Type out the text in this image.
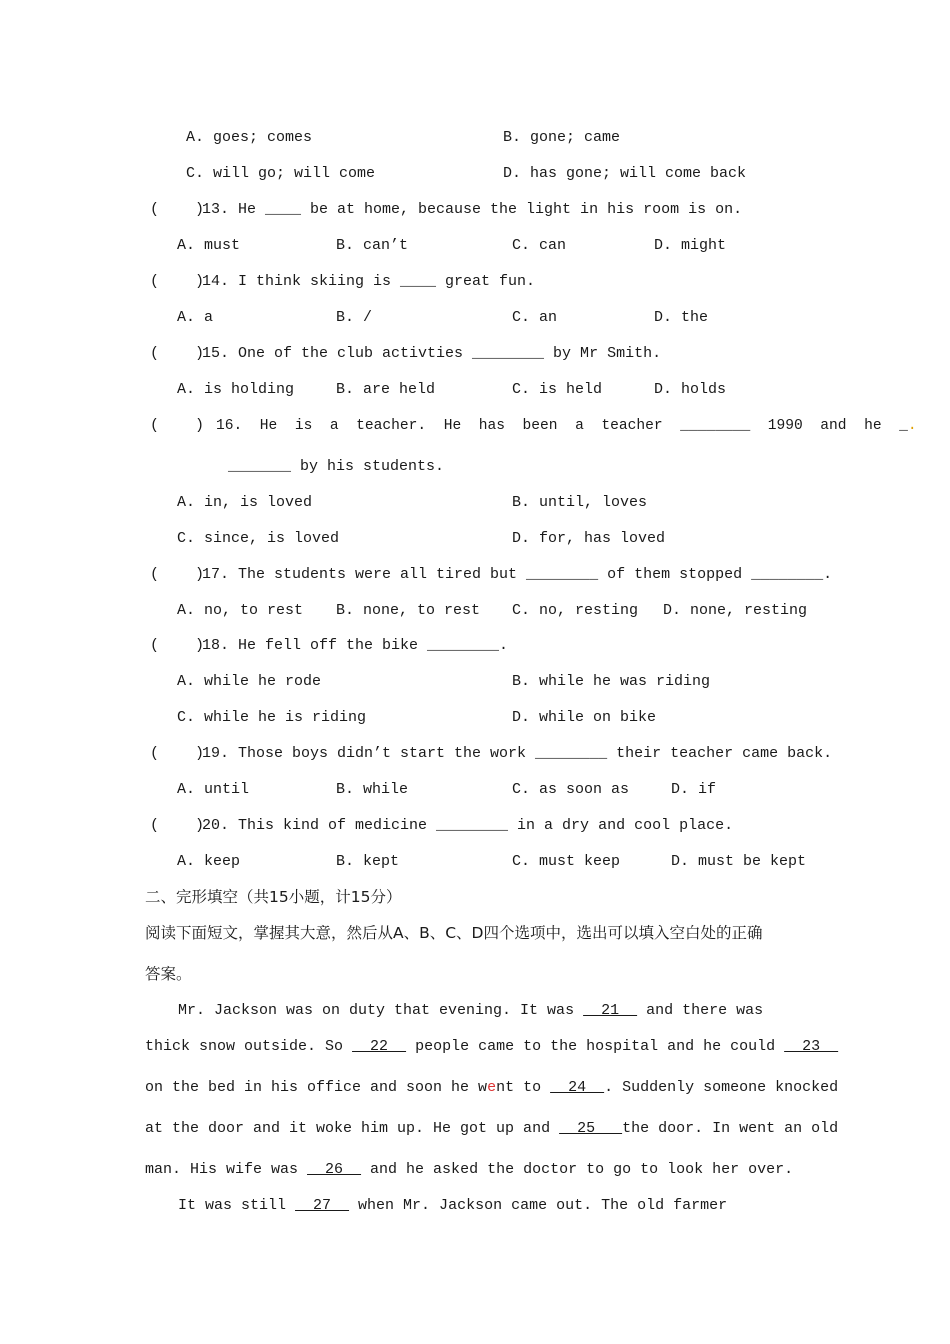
A. goes; comes	B. gone; came
C. will go; will come	D. has gone; will come back
(    )
13. He ____ be at home, because the light in his room is on.
A. must	B. can’t	C. can	D. might
(    )
14. I think skiing is ____ great fun.
A. a	B. /	C. an	D. the
(    )
15. One of the club activties ________ by Mr Smith.
A. is holding	B. are held	C. is held	D. holds
(    ) 16.  He  is  a  teacher.  He  has  been  a  teacher  ________  1990  and  he  _.
_______ by his students.
A. in, is loved	B. until, loves
C. since, is loved	D. for, has loved
(    )
17. The students were all tired but ________ of them stopped ________.
A. no, to rest B. none, to rest C. no, resting D. none, resting
(    )
18. He fell off the bike ________.
A. while he rode	B. while he was riding
C. while he is riding	D. while on bike
(    )
19. Those boys didn’t start the work ________ their teacher came back.
A. until	B. while	C. as soon as	D. if
(    )
20. This kind of medicine ________ in a dry and cool place.
A. keep	B. kept	C. must keep	D. must be kept
二、完形填空（共15小题，计15分）
阅读下面短文，掌握其大意，然后从A、B、C、D四个选项中，选出可以填入空白处的正确
答案。
Mr. Jackson was on duty that evening. It was   21   and there was
thick snow outside. So   22   people came to the hospital and he could   23
on the bed in his office and soon he went to   24  . Suddenly someone knocked
at the door and it woke him up. He got up and   25   the door. In went an old
man. His wife was   26   and he asked the doctor to go to look her over.
It was still   27   when Mr. Jackson came out. The old farmer
